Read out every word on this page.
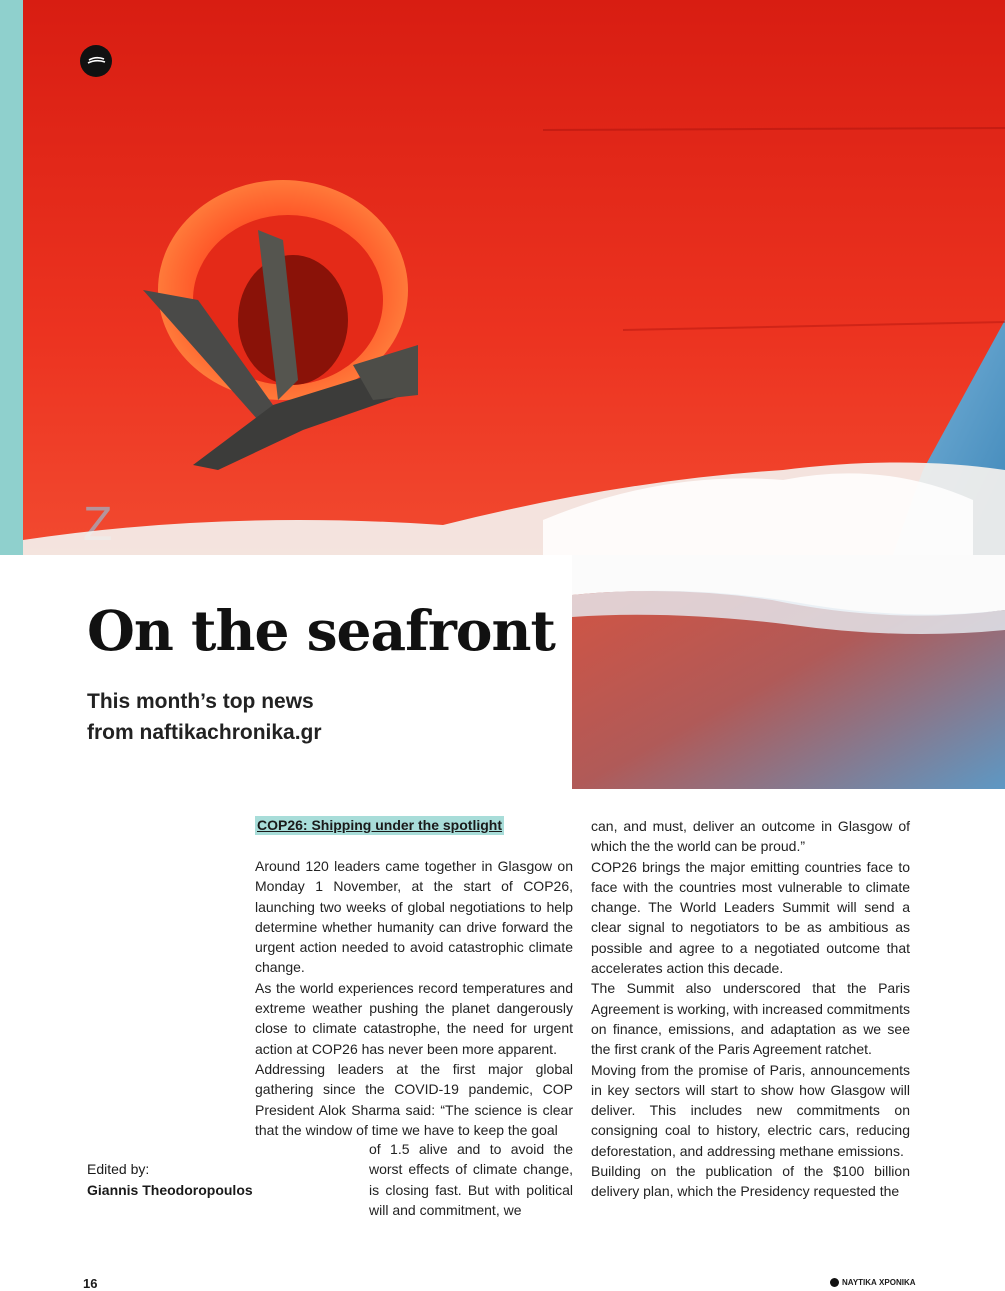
Z
On the seafront
This month’s top news
from naftikachronika.gr
COP26: Shipping under the spotlight

Around 120 leaders came together in Glasgow on Monday 1 November, at the start of COP26, launching two weeks of global negotiations to help determine whether humanity can drive forward the urgent action needed to avoid catastrophic climate change.

As the world experiences record temperatures and extreme weather pushing the planet dangerously close to climate catastrophe, the need for urgent action at COP26 has never been more apparent.

Addressing leaders at the first major global gathering since the COVID-19 pandemic, COP President Alok Sharma said: “The science is clear that the window of time we have to keep the goal

of 1.5 alive and to avoid the worst effects of climate change, is closing fast. But with political will and commitment, we

can, and must, deliver an outcome in Glasgow of which the the world can be proud.”

COP26 brings the major emitting countries face to face with the countries most vulnerable to climate change. The World Leaders Summit will send a clear signal to negotiators to be as ambitious as possible and agree to a negotiated outcome that accelerates action this decade.

The Summit also underscored that the Paris Agreement is working, with increased commitments on finance, emissions, and adaptation as we see the first crank of the Paris Agreement ratchet.

Moving from the promise of Paris, announcements in key sectors will start to show how Glasgow will deliver. This includes new commitments on consigning coal to history, electric cars, reducing deforestation, and addressing methane emissions.

Building on the publication of the $100 billion delivery plan, which the Presidency requested the

Edited by:
Giannis Theodoropoulos
16	ΝΑΥΤΙΚΑ ΧΡΟΝΙΚΑ
